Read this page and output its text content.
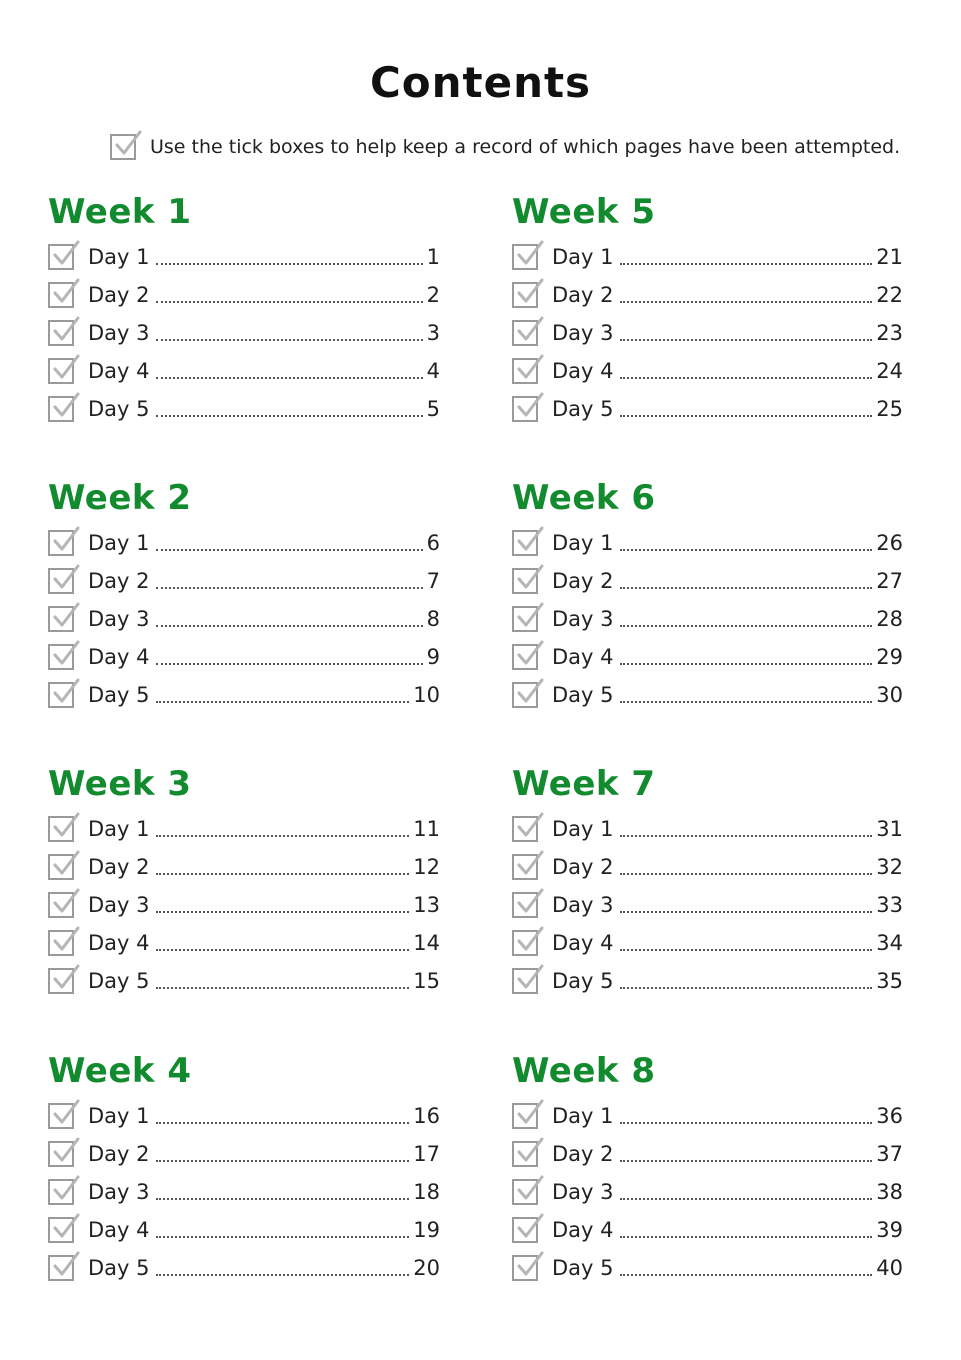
Contents
Use the tick boxes to help keep a record of which pages have been attempted.
Week 1
Day 1	1
Day 2	2
Day 3	3
Day 4	4
Day 5	5
Week 2
Day 1	6
Day 2	7
Day 3	8
Day 4	9
Day 5	10
Week 3
Day 1	11
Day 2	12
Day 3	13
Day 4	14
Day 5	15
Week 4
Day 1	16
Day 2	17
Day 3	18
Day 4	19
Day 5	20
Week 5
Day 1	21
Day 2	22
Day 3	23
Day 4	24
Day 5	25
Week 6
Day 1	26
Day 2	27
Day 3	28
Day 4	29
Day 5	30
Week 7
Day 1	31
Day 2	32
Day 3	33
Day 4	34
Day 5	35
Week 8
Day 1	36
Day 2	37
Day 3	38
Day 4	39
Day 5	40
